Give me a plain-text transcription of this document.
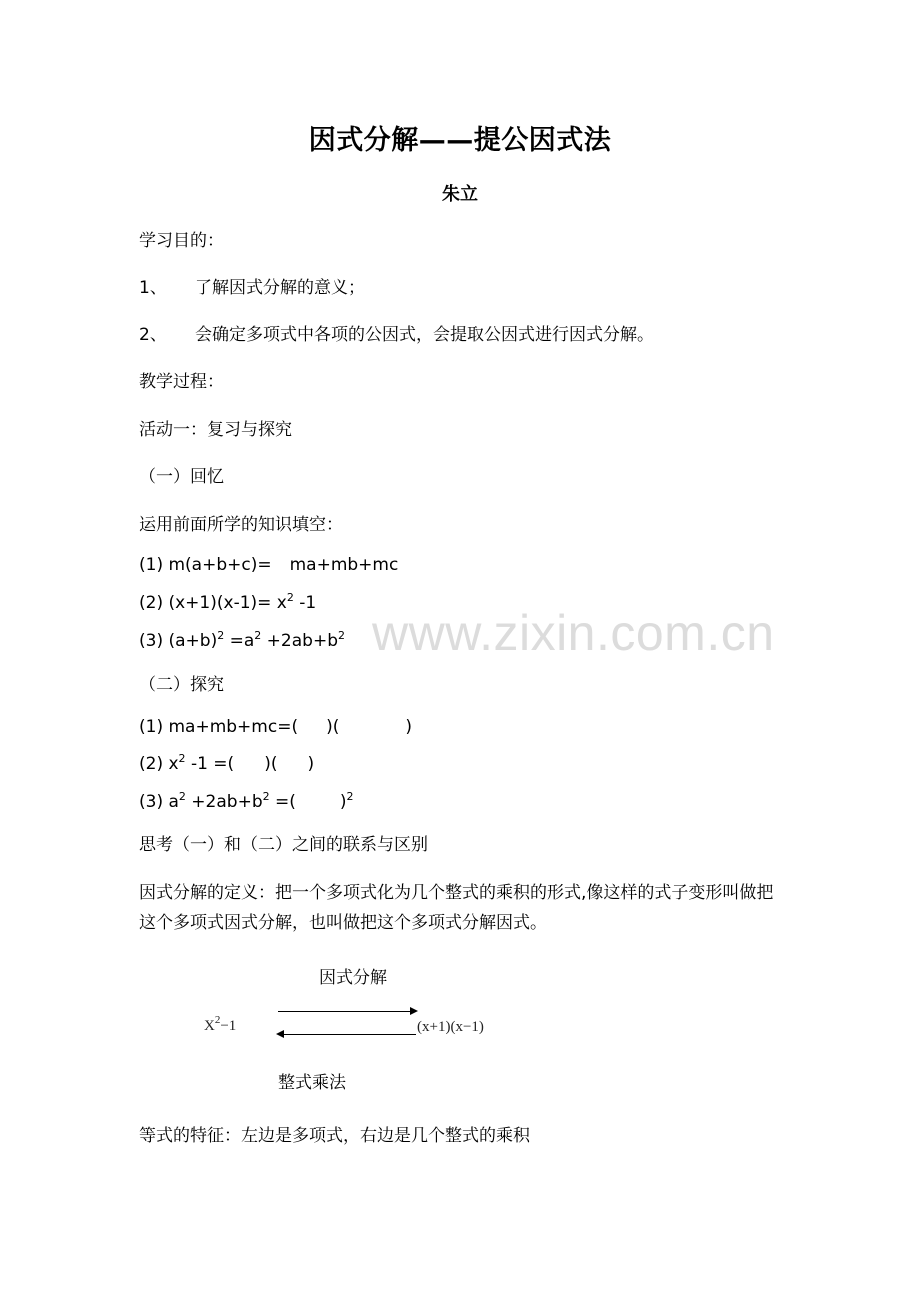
因式分解——提公因式法
朱立
学习目的：
1、 了解因式分解的意义；
2、 会确定多项式中各项的公因式，会提取公因式进行因式分解。
教学过程：
活动一：复习与探究
（一）回忆
运用前面所学的知识填空：
(1) m(a+b+c)= ma+mb+mc
(2) $(x+1)(x-1)= x^2$ -1
(3) $(a+b)^2 =a^2 +2ab+b^2$ www.zixin.com.cn
（二）探究
(1) ma+mb+mc=( )(	)
(2) $x^2$ -1 =( )( )
(3) $a^2 +2ab+b^2$ =(	)$^2$
思考（一）和（二）之间的联系与区别
因式分解的定义：把一个多项式化为几个整式的乘积的形式,像这样的式子变形叫做把这个多项式因式分解，也叫做把这个多项式分解因式。
因式分解
$X^2-1$	(x+1)(x−1)
整式乘法
等式的特征：左边是多项式，右边是几个整式的乘积
